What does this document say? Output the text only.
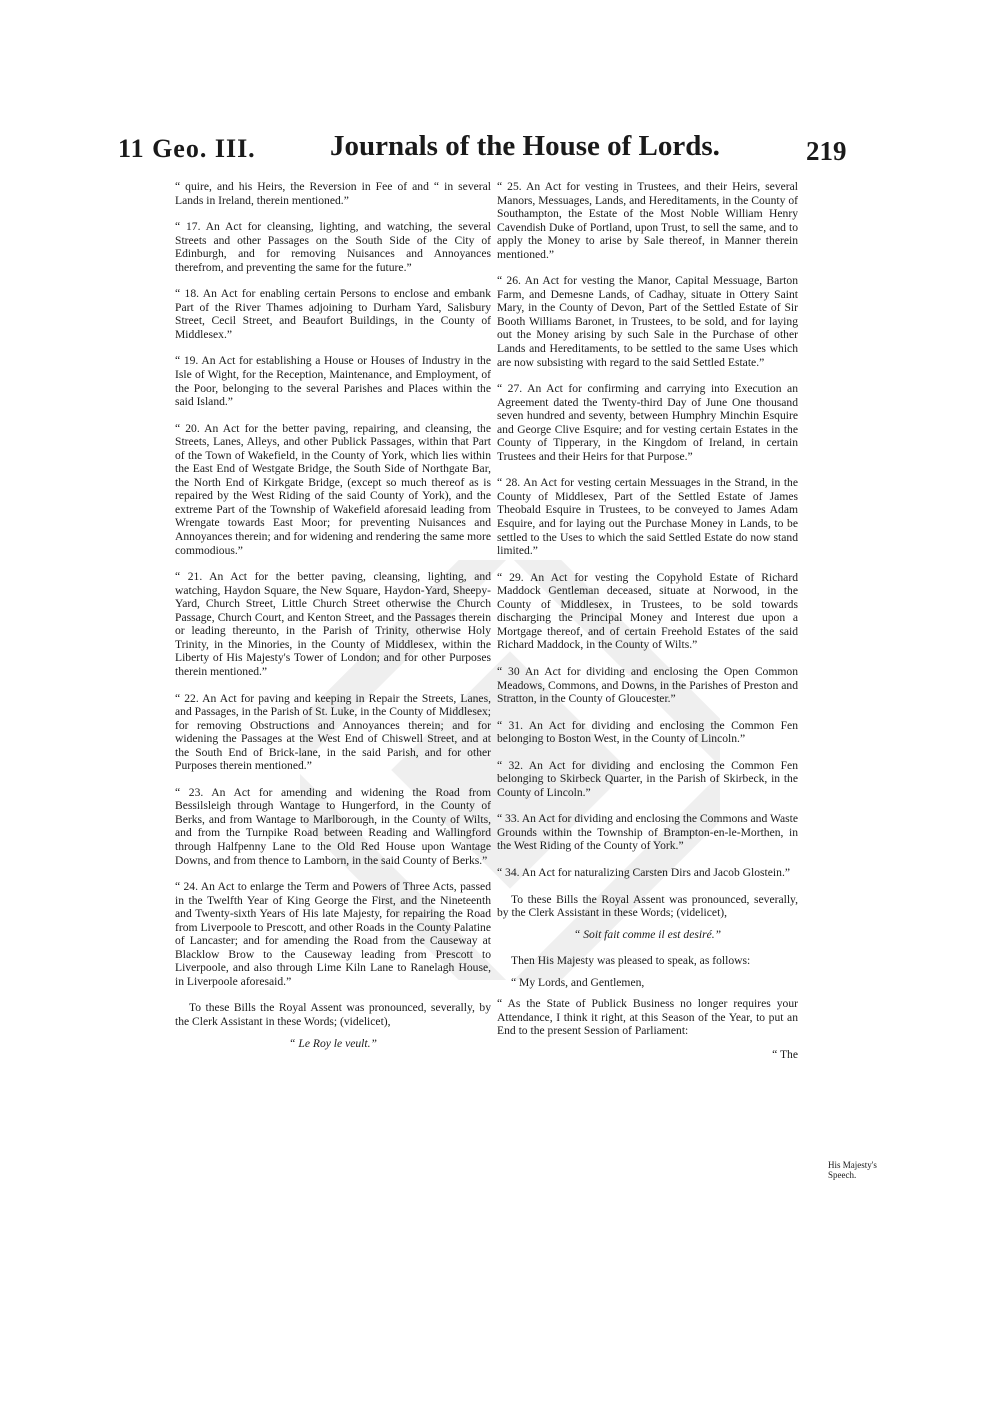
11 Geo. III.	Journals of the House of Lords.	219

“ quire, and his Heirs, the Reversion in Fee of and “ in several Lands in Ireland, therein mentioned.”

“ 17. An Act for cleansing, lighting, and watching, the several Streets and other Passages on the South Side of the City of Edinburgh, and for removing Nuisances and Annoyances therefrom, and preventing the same for the future.”

“ 18. An Act for enabling certain Persons to enclose and embank Part of the River Thames adjoining to Durham Yard, Salisbury Street, Cecil Street, and Beaufort Buildings, in the County of Middlesex.”

“ 19. An Act for establishing a House or Houses of Industry in the Isle of Wight, for the Reception, Maintenance, and Employment, of the Poor, belonging to the several Parishes and Places within the said Island.”

“ 20. An Act for the better paving, repairing, and cleansing, the Streets, Lanes, Alleys, and other Publick Passages, within that Part of the Town of Wakefield, in the County of York, which lies within the East End of Westgate Bridge, the South Side of Northgate Bar, the North End of Kirkgate Bridge, (except so much thereof as is repaired by the West Riding of the said County of York), and the extreme Part of the Township of Wakefield aforesaid leading from Wrengate towards East Moor; for preventing Nuisances and Annoyances therein; and for widening and rendering the same more commodious.”

“ 21. An Act for the better paving, cleansing, lighting, and watching, Haydon Square, the New Square, Haydon-Yard, Sheepy-Yard, Church Street, Little Church Street otherwise the Church Passage, Church Court, and Kenton Street, and the Passages therein or leading thereunto, in the Parish of Trinity, otherwise Holy Trinity, in the Minories, in the County of Middlesex, within the Liberty of His Majesty's Tower of London; and for other Purposes therein mentioned.”

“ 22. An Act for paving and keeping in Repair the Streets, Lanes, and Passages, in the Parish of St. Luke, in the County of Middlesex; for removing Obstructions and Annoyances therein; and for widening the Passages at the West End of Chiswell Street, and at the South End of Brick-lane, in the said Parish, and for other Purposes therein mentioned.”

“ 23. An Act for amending and widening the Road from Bessilsleigh through Wantage to Hungerford, in the County of Berks, and from Wantage to Marlborough, in the County of Wilts, and from the Turnpike Road between Reading and Wallingford through Halfpenny Lane to the Old Red House upon Wantage Downs, and from thence to Lamborn, in the said County of Berks.”

“ 24. An Act to enlarge the Term and Powers of Three Acts, passed in the Twelfth Year of King George the First, and the Nineteenth and Twenty-sixth Years of His late Majesty, for repairing the Road from Liverpoole to Prescott, and other Roads in the County Palatine of Lancaster; and for amending the Road from the Causeway at Blacklow Brow to the Causeway leading from Prescott to Liverpoole, and also through Lime Kiln Lane to Ranelagh House, in Liverpoole aforesaid.”

To these Bills the Royal Assent was pronounced, severally, by the Clerk Assistant in these Words; (videlicet),

“ Le Roy le veult.”

“ 25. An Act for vesting in Trustees, and their Heirs, several Manors, Messuages, Lands, and Hereditaments, in the County of Southampton, the Estate of the Most Noble William Henry Cavendish Duke of Portland, upon Trust, to sell the same, and to apply the Money to arise by Sale thereof, in Manner therein mentioned.”

“ 26. An Act for vesting the Manor, Capital Messuage, Barton Farm, and Demesne Lands, of Cadhay, situate in Ottery Saint Mary, in the County of Devon, Part of the Settled Estate of Sir Booth Williams Baronet, in Trustees, to be sold, and for laying out the Money arising by such Sale in the Purchase of other Lands and Hereditaments, to be settled to the same Uses which are now subsisting with regard to the said Settled Estate.”

“ 27. An Act for confirming and carrying into Execution an Agreement dated the Twenty-third Day of June One thousand seven hundred and seventy, between Humphry Minchin Esquire and George Clive Esquire; and for vesting certain Estates in the County of Tipperary, in the Kingdom of Ireland, in certain Trustees and their Heirs for that Purpose.”

“ 28. An Act for vesting certain Messuages in the Strand, in the County of Middlesex, Part of the Settled Estate of James Theobald Esquire in Trustees, to be conveyed to James Adam Esquire, and for laying out the Purchase Money in Lands, to be settled to the Uses to which the said Settled Estate do now stand limited.”

“ 29. An Act for vesting the Copyhold Estate of Richard Maddock Gentleman deceased, situate at Norwood, in the County of Middlesex, in Trustees, to be sold towards discharging the Principal Money and Interest due upon a Mortgage thereof, and of certain Freehold Estates of the said Richard Maddock, in the County of Wilts.”

“ 30 An Act for dividing and enclosing the Open Common Meadows, Commons, and Downs, in the Parishes of Preston and Stratton, in the County of Gloucester.”

“ 31. An Act for dividing and enclosing the Common Fen belonging to Boston West, in the County of Lincoln.”

“ 32. An Act for dividing and enclosing the Common Fen belonging to Skirbeck Quarter, in the Parish of Skirbeck, in the County of Lincoln.”

“ 33. An Act for dividing and enclosing the Commons and Waste Grounds within the Township of Brampton-en-le-Morthen, in the West Riding of the County of York.”

“ 34. An Act for naturalizing Carsten Dirs and Jacob Glostein.”

To these Bills the Royal Assent was pronounced, severally, by the Clerk Assistant in these Words; (videlicet),

“ Soit fait comme il est desiré.”

Then His Majesty was pleased to speak, as follows:

“ My Lords, and Gentlemen,

“ As the State of Publick Business no longer requires your Attendance, I think it right, at this Season of the Year, to put an End to the present Session of Parliament:

“ The
His Majesty's Speech.
